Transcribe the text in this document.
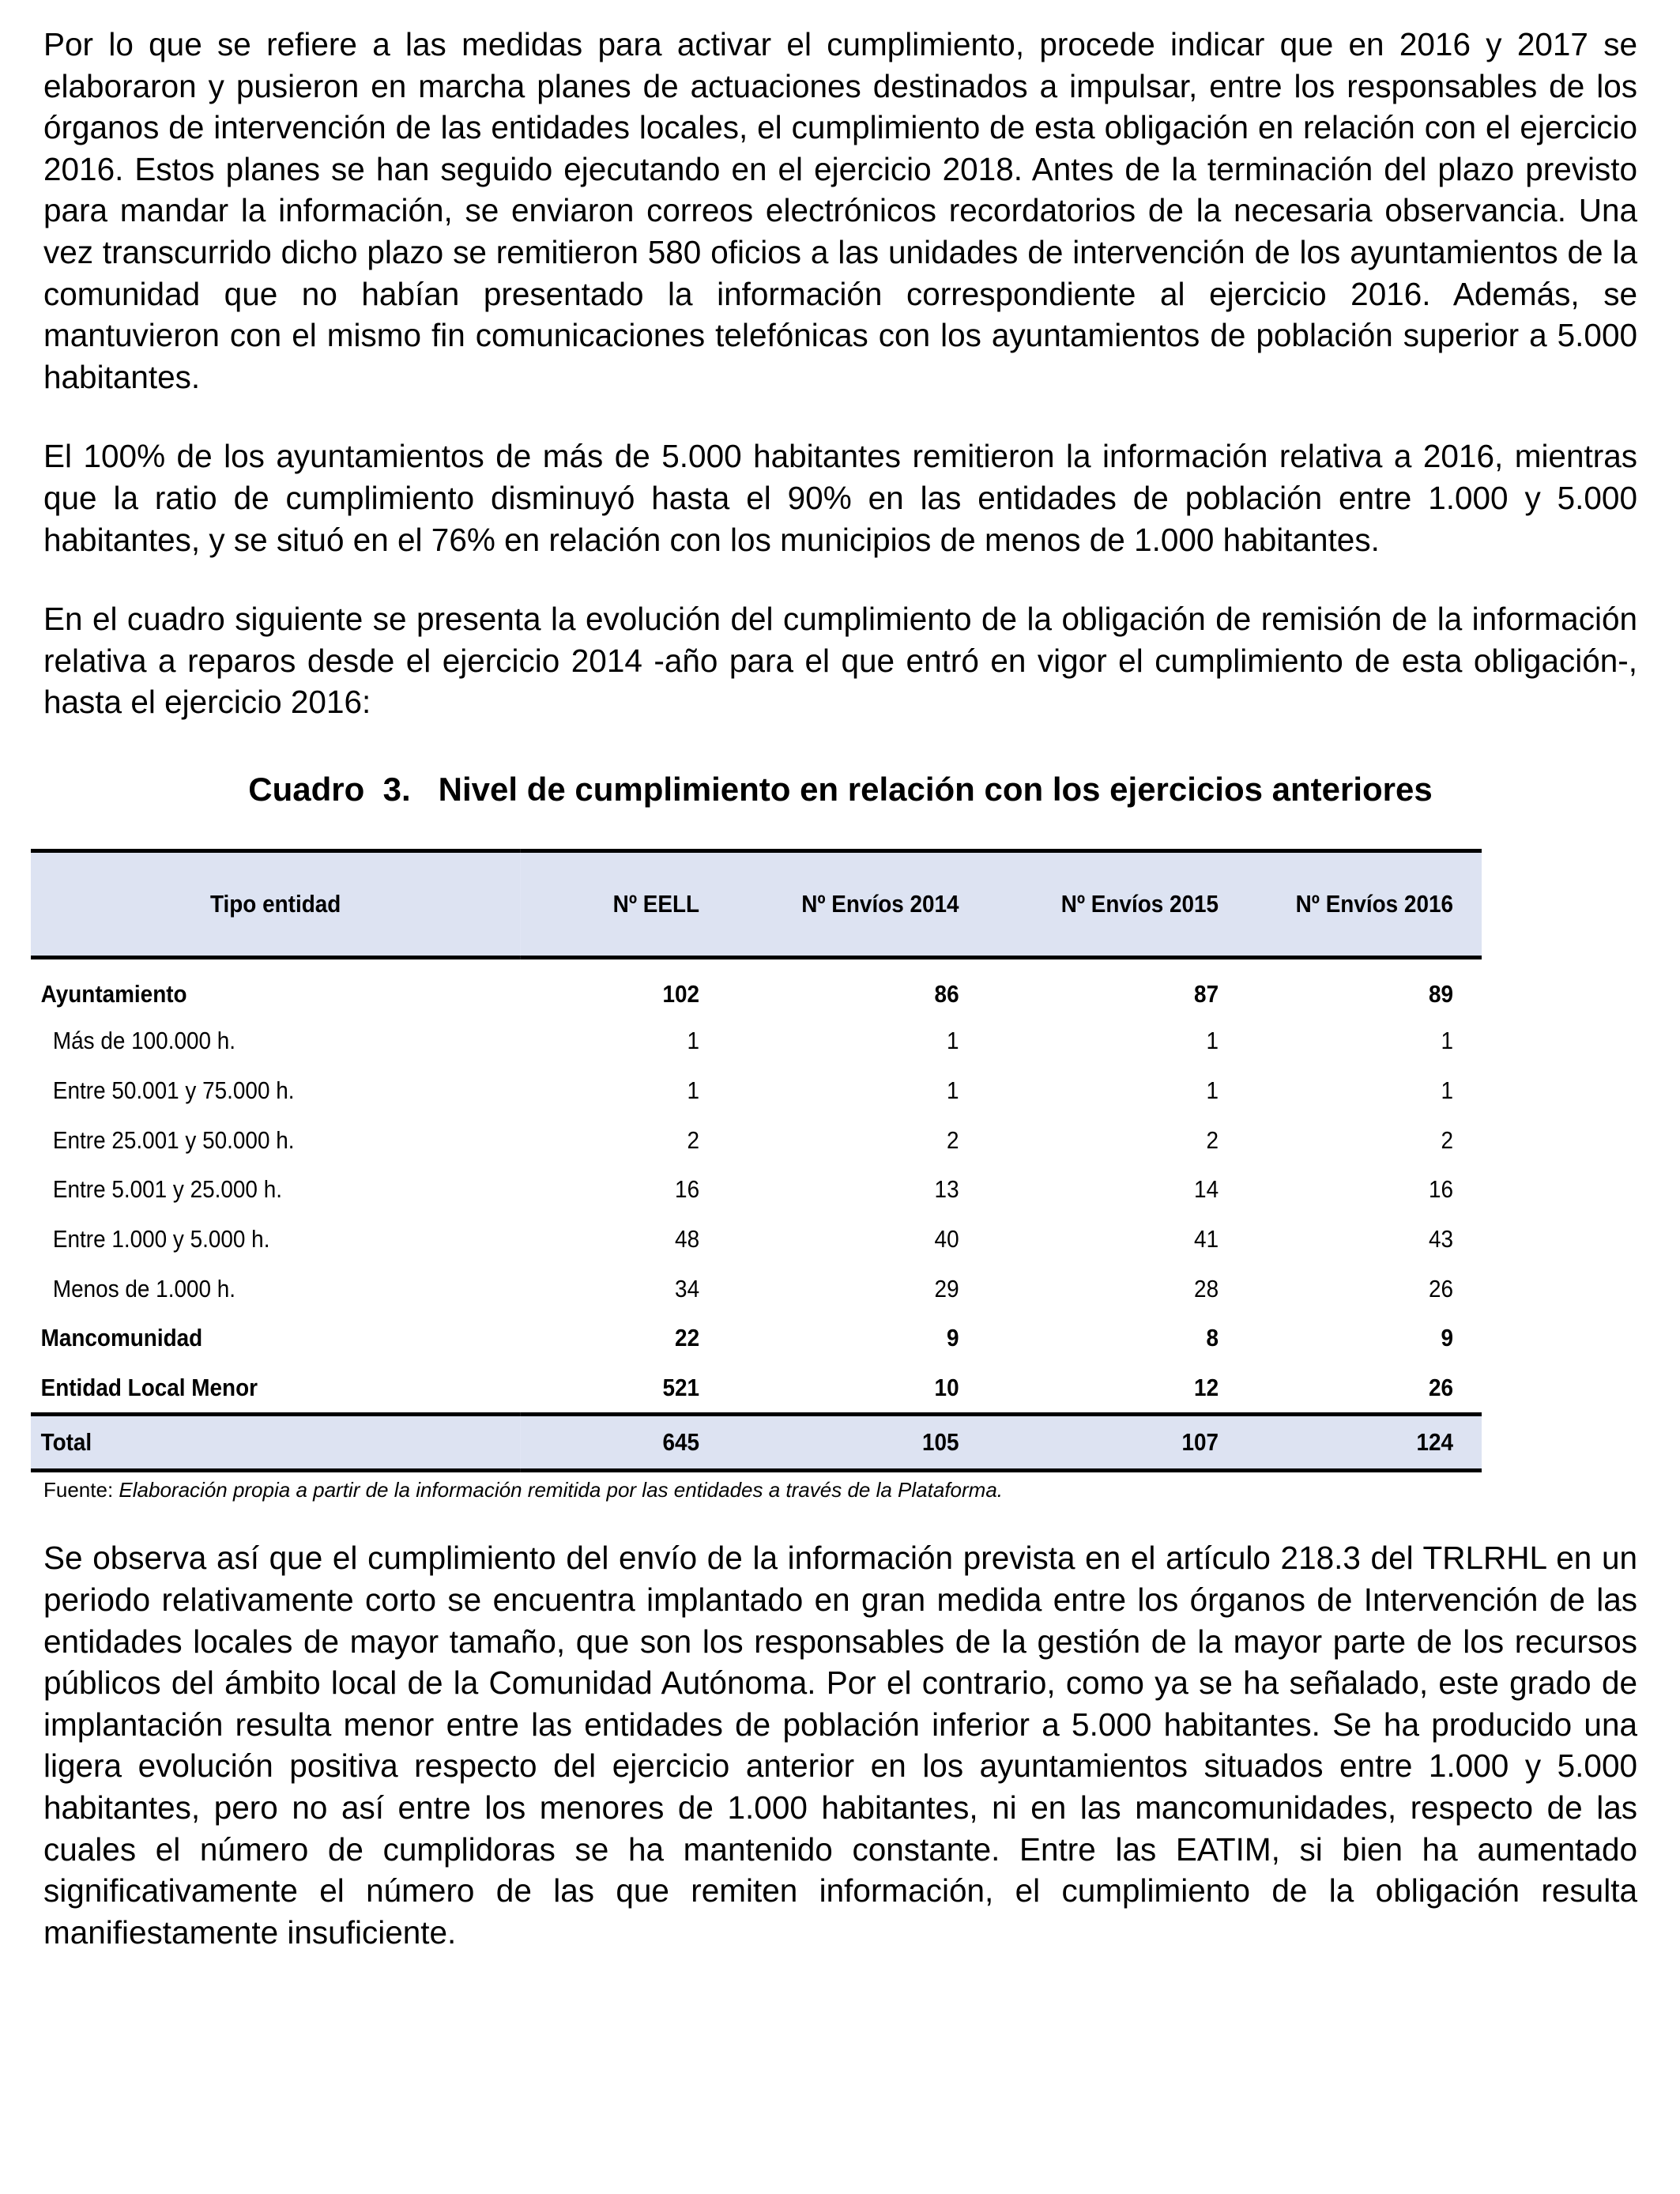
Por lo que se refiere a las medidas para activar el cumplimiento, procede indicar que en 2016 y 2017 se elaboraron y pusieron en marcha planes de actuaciones destinados a impulsar, entre los responsables de los órganos de intervención de las entidades locales, el cumplimiento de esta obligación en relación con el ejercicio 2016. Estos planes se han seguido ejecutando en el ejercicio 2018. Antes de la terminación del plazo previsto para mandar la información, se enviaron correos electrónicos recordatorios de la necesaria observancia. Una vez transcurrido dicho plazo se remitieron 580 oficios a las unidades de intervención de los ayuntamientos de la comunidad que no habían presentado la información correspondiente al ejercicio 2016. Además, se mantuvieron con el mismo fin comunicaciones telefónicas con los ayuntamientos de población superior a 5.000 habitantes.

El 100% de los ayuntamientos de más de 5.000 habitantes remitieron la información relativa a 2016, mientras que la ratio de cumplimiento disminuyó hasta el 90% en las entidades de población entre 1.000 y 5.000 habitantes, y se situó en el 76% en relación con los municipios de menos de 1.000 habitantes.

En el cuadro siguiente se presenta la evolución del cumplimiento de la obligación de remisión de la información relativa a reparos desde el ejercicio 2014 -año para el que entró en vigor el cumplimiento de esta obligación-, hasta el ejercicio 2016:

Cuadro  3.   Nivel de cumplimiento en relación con los ejercicios anteriores
Tipo entidad	Nº EELL	Nº Envíos 2014	Nº Envíos 2015	Nº Envíos 2016
Ayuntamiento	102	86	87	89
Más de 100.000 h.	1	1	1	1
Entre 50.001 y 75.000 h.	1	1	1	1
Entre 25.001 y 50.000 h.	2	2	2	2
Entre 5.001 y 25.000 h.	16	13	14	16
Entre 1.000 y 5.000 h.	48	40	41	43
Menos de 1.000 h.	34	29	28	26
Mancomunidad	22	9	8	9
Entidad Local Menor	521	10	12	26
Total	645	105	107	124
Fuente: Elaboración propia a partir de la información remitida por las entidades a través de la Plataforma.

Se observa así que el cumplimiento del envío de la información prevista en el artículo 218.3 del TRLRHL en un periodo relativamente corto se encuentra implantado en gran medida entre los órganos de Intervención de las entidades locales de mayor tamaño, que son los responsables de la gestión de la mayor parte de los recursos públicos del ámbito local de la Comunidad Autónoma. Por el contrario, como ya se ha señalado, este grado de implantación resulta menor entre las entidades de población inferior a 5.000 habitantes. Se ha producido una ligera evolución positiva respecto del ejercicio anterior en los ayuntamientos situados entre 1.000 y 5.000 habitantes, pero no así entre los menores de 1.000 habitantes, ni en las mancomunidades, respecto de las cuales el número de cumplidoras se ha mantenido constante. Entre las EATIM, si bien ha aumentado significativamente el número de las que remiten información, el cumplimiento de la obligación resulta manifiestamente insuficiente.
